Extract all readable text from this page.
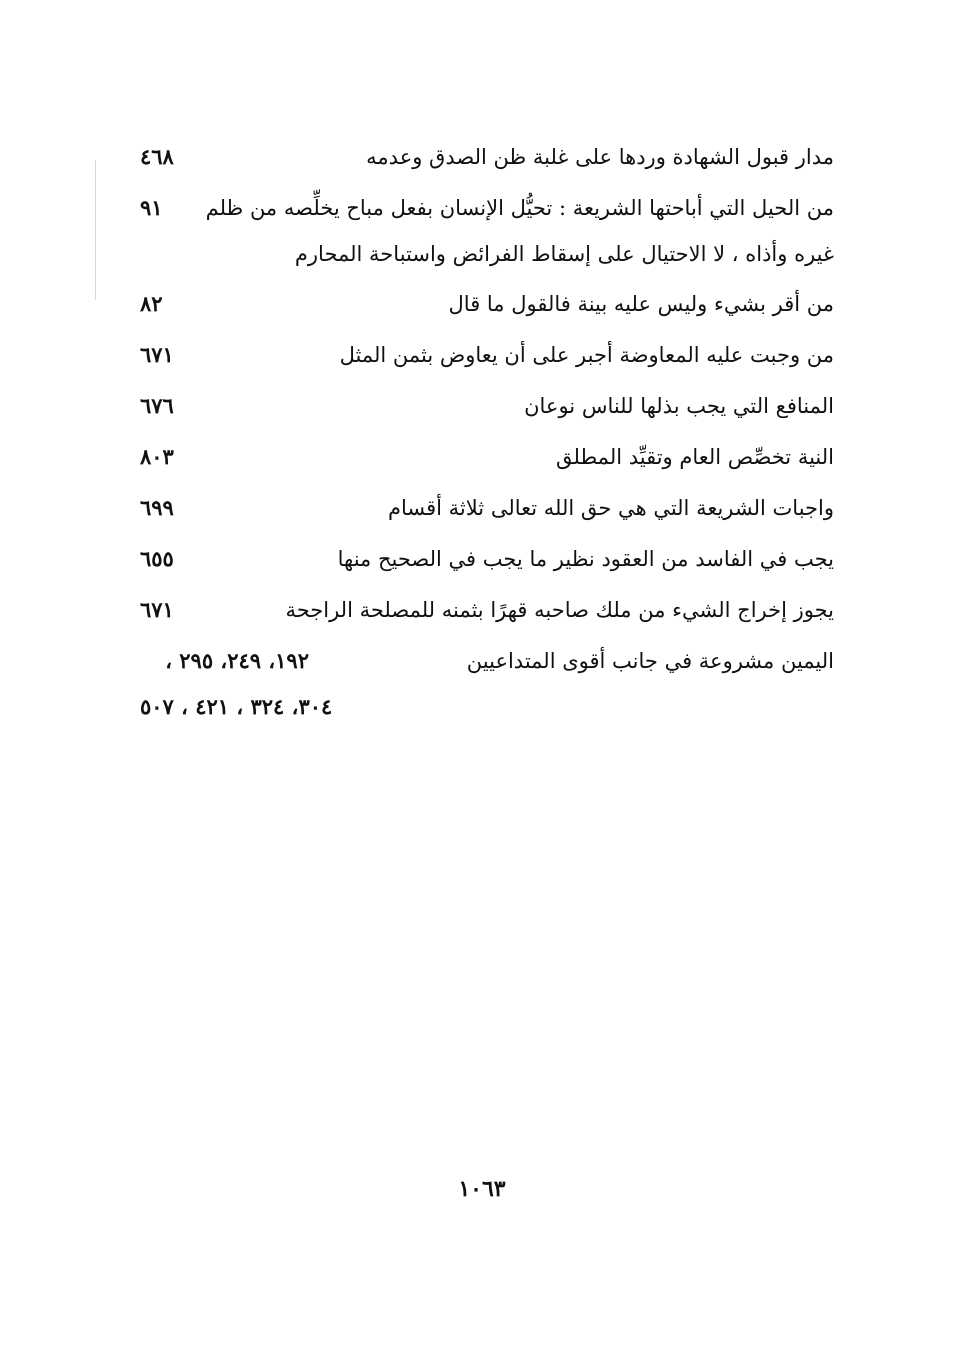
مدار قبول الشهادة وردها على غلبة ظن الصدق وعدمه
٤٦٨
من الحيل التي أباحتها الشريعة : تحيُّل الإنسان بفعل مباح يخلِّصه من ظلم
٩١
غيره وأذاه ، لا الاحتيال على إسقاط الفرائض واستباحة المحارم
من أقر بشيء وليس عليه بينة فالقول ما قال
٨٢
من وجبت عليه المعاوضة أجبر على أن يعاوض بثمن المثل
٦٧١
المنافع التي يجب بذلها للناس نوعان
٦٧٦
النية تخصِّص العام وتقيِّد المطلق
٨٠٣
واجبات الشريعة التي هي حق الله تعالى ثلاثة أقسام
٦٩٩
يجب في الفاسد من العقود نظير ما يجب في الصحيح منها
٦٥٥
يجوز إخراج الشيء من ملك صاحبه قهرًا بثمنه للمصلحة الراجحة
٦٧١
اليمين مشروعة في جانب أقوى المتداعيين
١٩٢، ٢٤٩، ٢٩٥ ،
٣٠٤، ٣٢٤ ، ٤٢١ ، ٥٠٧
١٠٦٣
